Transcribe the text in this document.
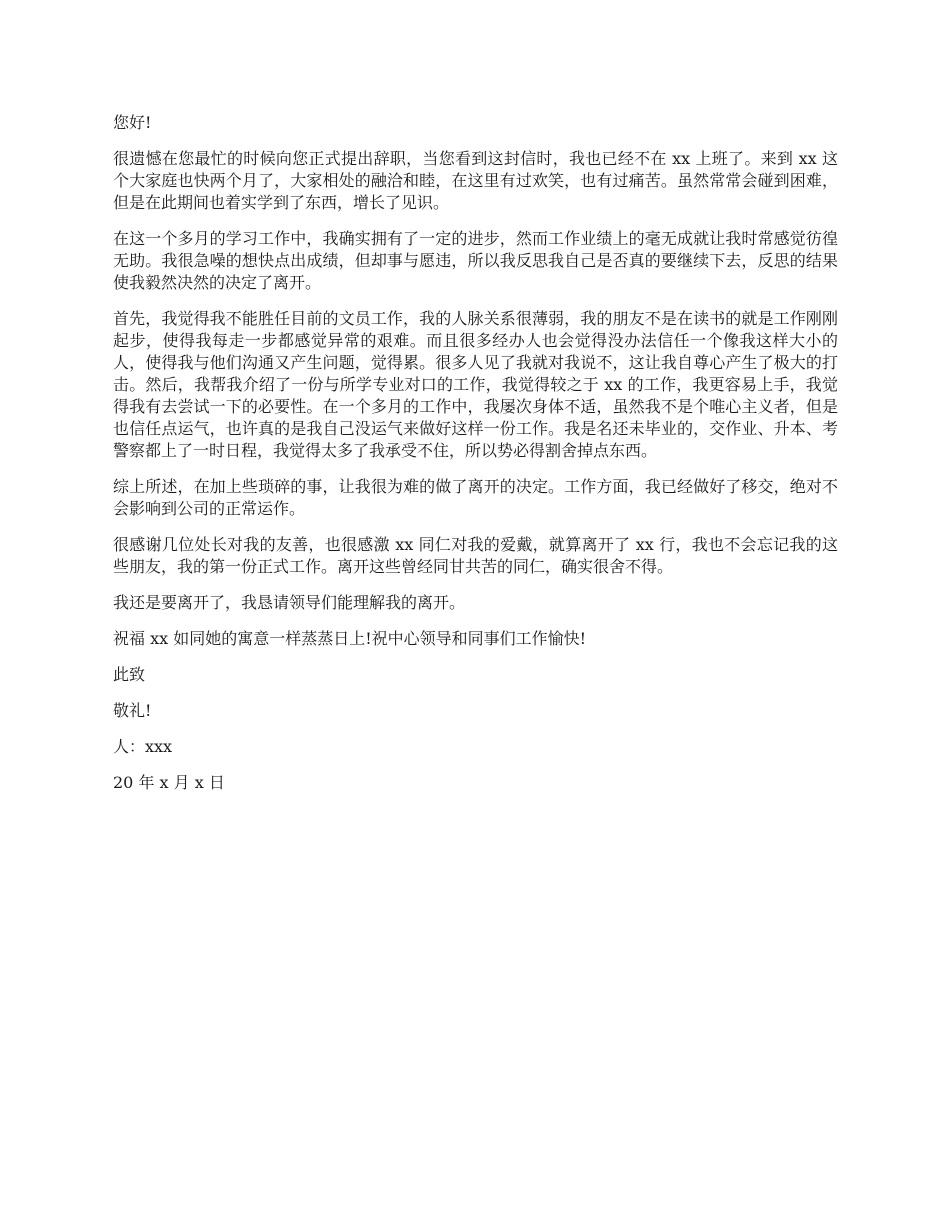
您好!

很遗憾在您最忙的时候向您正式提出辞职，当您看到这封信时，我也已经不在 xx 上班了。来到 xx 这个大家庭也快两个月了，大家相处的融洽和睦，在这里有过欢笑，也有过痛苦。虽然常常会碰到困难，但是在此期间也着实学到了东西，增长了见识。

在这一个多月的学习工作中，我确实拥有了一定的进步，然而工作业绩上的毫无成就让我时常感觉彷徨无助。我很急噪的想快点出成绩，但却事与愿违，所以我反思我自己是否真的要继续下去，反思的结果使我毅然决然的决定了离开。

首先，我觉得我不能胜任目前的文员工作，我的人脉关系很薄弱，我的朋友不是在读书的就是工作刚刚起步，使得我每走一步都感觉异常的艰难。而且很多经办人也会觉得没办法信任一个像我这样大小的人，使得我与他们沟通又产生问题，觉得累。很多人见了我就对我说不，这让我自尊心产生了极大的打击。然后，我帮我介绍了一份与所学专业对口的工作，我觉得较之于 xx 的工作，我更容易上手，我觉得我有去尝试一下的必要性。在一个多月的工作中，我屡次身体不适，虽然我不是个唯心主义者，但是也信任点运气，也许真的是我自己没运气来做好这样一份工作。我是名还未毕业的，交作业、升本、考警察都上了一时日程，我觉得太多了我承受不住，所以势必得割舍掉点东西。

综上所述，在加上些琐碎的事，让我很为难的做了离开的决定。工作方面，我已经做好了移交，绝对不会影响到公司的正常运作。

很感谢几位处长对我的友善，也很感激 xx 同仁对我的爱戴，就算离开了 xx 行，我也不会忘记我的这些朋友，我的第一份正式工作。离开这些曾经同甘共苦的同仁，确实很舍不得。

我还是要离开了，我恳请领导们能理解我的离开。

祝福 xx 如同她的寓意一样蒸蒸日上!祝中心领导和同事们工作愉快!

此致

敬礼!

人：xxx

20 年 x 月 x 日
